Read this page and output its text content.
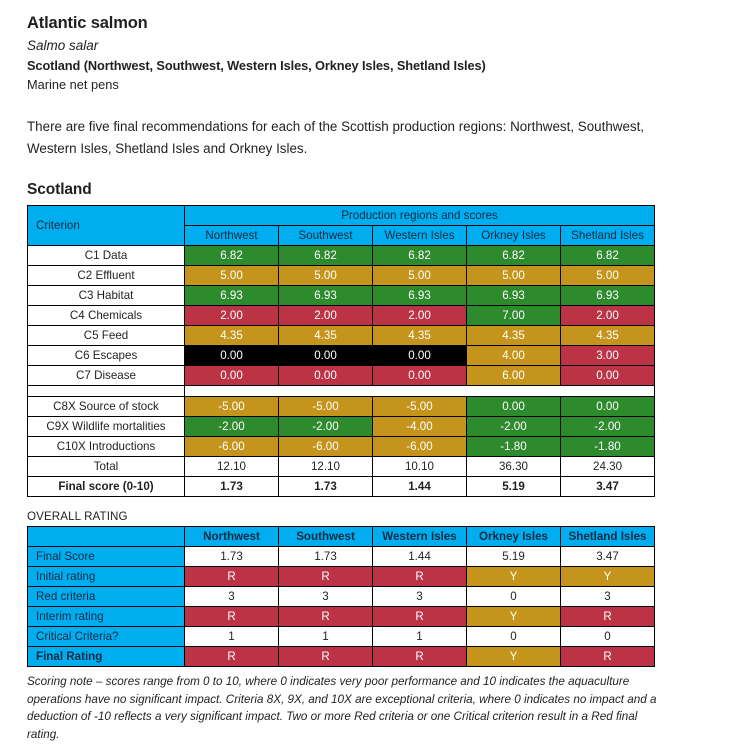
Atlantic salmon
Salmo salar
Scotland (Northwest, Southwest, Western Isles, Orkney Isles, Shetland Isles)
Marine net pens

There are five final recommendations for each of the Scottish production regions: Northwest, Southwest, Western Isles, Shetland Isles and Orkney Isles.

Scotland
Criterion	Production regions and scores				
	Northwest	Southwest	Western Isles	Orkney Isles	Shetland Isles
C1 Data	6.82	6.82	6.82	6.82	6.82
C2 Effluent	5.00	5.00	5.00	5.00	5.00
C3 Habitat	6.93	6.93	6.93	6.93	6.93
C4 Chemicals	2.00	2.00	2.00	7.00	2.00
C5 Feed	4.35	4.35	4.35	4.35	4.35
C6 Escapes	0.00	0.00	0.00	4.00	3.00
C7 Disease	0.00	0.00	0.00	6.00	0.00

C8X Source of stock	-5.00	-5.00	-5.00	0.00	0.00
C9X Wildlife mortalities	-2.00	-2.00	-4.00	-2.00	-2.00
C10X Introductions	-6.00	-6.00	-6.00	-1.80	-1.80
Total	12.10	12.10	10.10	36.30	24.30
Final score (0-10)	1.73	1.73	1.44	5.19	3.47
OVERALL RATING
	Northwest	Southwest	Western Isles	Orkney Isles	Shetland Isles
Final Score	1.73	1.73	1.44	5.19	3.47
Initial rating	R	R	R	Y	Y
Red criteria	3	3	3	0	3
Interim rating	R	R	R	Y	R
Critical Criteria?	1	1	1	0	0
Final Rating	R	R	R	Y	R

Scoring note – scores range from 0 to 10, where 0 indicates very poor performance and 10 indicates the aquaculture operations have no significant impact. Criteria 8X, 9X, and 10X are exceptional criteria, where 0 indicates no impact and a deduction of -10 reflects a very significant impact. Two or more Red criteria or one Critical criterion result in a Red final rating.
